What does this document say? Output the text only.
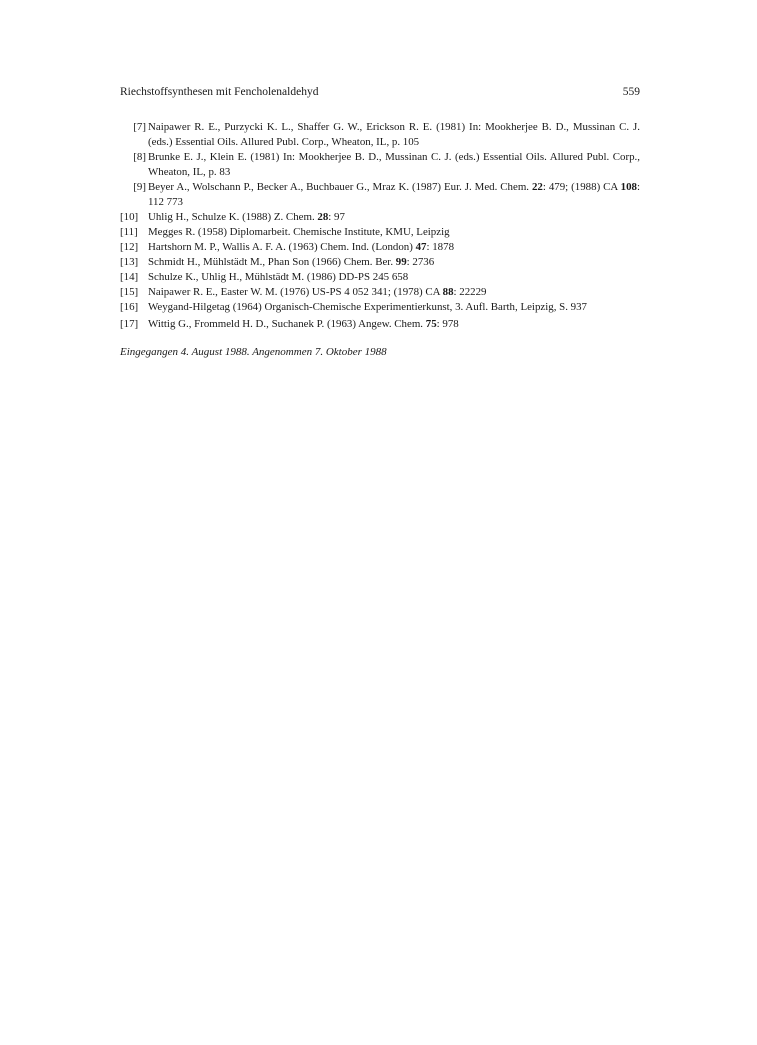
Riechstoffsynthesen mit Fencholenaldehyd	559
[7] Naipawer R. E., Purzycki K. L., Shaffer G. W., Erickson R. E. (1981) In: Mookherjee B. D., Mussinan C. J. (eds.) Essential Oils. Allured Publ. Corp., Wheaton, IL, p. 105
[8] Brunke E. J., Klein E. (1981) In: Mookherjee B. D., Mussinan C. J. (eds.) Essential Oils. Allured Publ. Corp., Wheaton, IL, p. 83
[9] Beyer A., Wolschann P., Becker A., Buchbauer G., Mraz K. (1987) Eur. J. Med. Chem. 22: 479; (1988) CA 108: 112 773
[10] Uhlig H., Schulze K. (1988) Z. Chem. 28: 97
[11] Megges R. (1958) Diplomarbeit. Chemische Institute, KMU, Leipzig
[12] Hartshorn M. P., Wallis A. F. A. (1963) Chem. Ind. (London) 47: 1878
[13] Schmidt H., Mühlstädt M., Phan Son (1966) Chem. Ber. 99: 2736
[14] Schulze K., Uhlig H., Mühlstädt M. (1986) DD-PS 245 658
[15] Naipawer R. E., Easter W. M. (1976) US-PS 4 052 341; (1978) CA 88: 22229
[16] Weygand-Hilgetag (1964) Organisch-Chemische Experimentierkunst, 3. Aufl. Barth, Leipzig, S. 937
[17] Wittig G., Frommeld H. D., Suchanek P. (1963) Angew. Chem. 75: 978
Eingegangen 4. August 1988. Angenommen 7. Oktober 1988
